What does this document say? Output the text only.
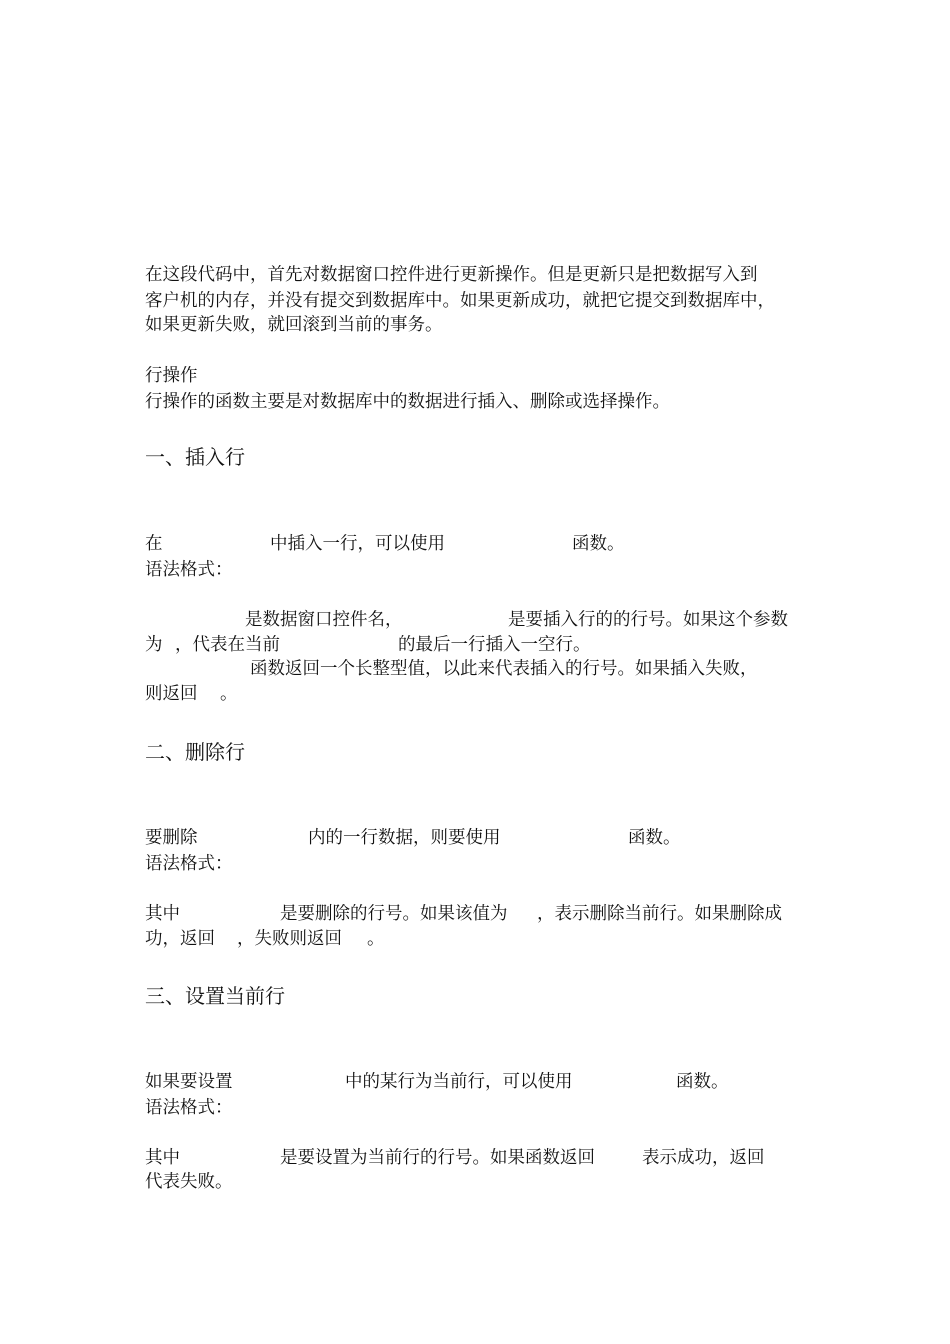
在这段代码中，首先对数据窗口控件进行更新操作。但是更新只是把数据写入到
客户机的内存，并没有提交到数据库中。如果更新成功，就把它提交到数据库中，
如果更新失败，就回滚到当前的事务。
行操作
行操作的函数主要是对数据库中的数据进行插入、删除或选择操作。
一、插入行
在	中插入一行，可以使用	函数。
语法格式：
是数据窗口控件名，	是要插入行的的行号。如果这个参数
为 ，代表在当前	的最后一行插入一空行。
函数返回一个长整型值，以此来代表插入的行号。如果插入失败，
则返回 。
二、删除行
要删除	内的一行数据，则要使用	函数。
语法格式：
其中	是要删除的行号。如果该值为 ，表示删除当前行。如果删除成
功，返回 ，失败则返回 。
三、设置当前行
如果要设置	中的某行为当前行，可以使用	函数。
语法格式：
其中	是要设置为当前行的行号。如果函数返回	表示成功，返回
代表失败。
